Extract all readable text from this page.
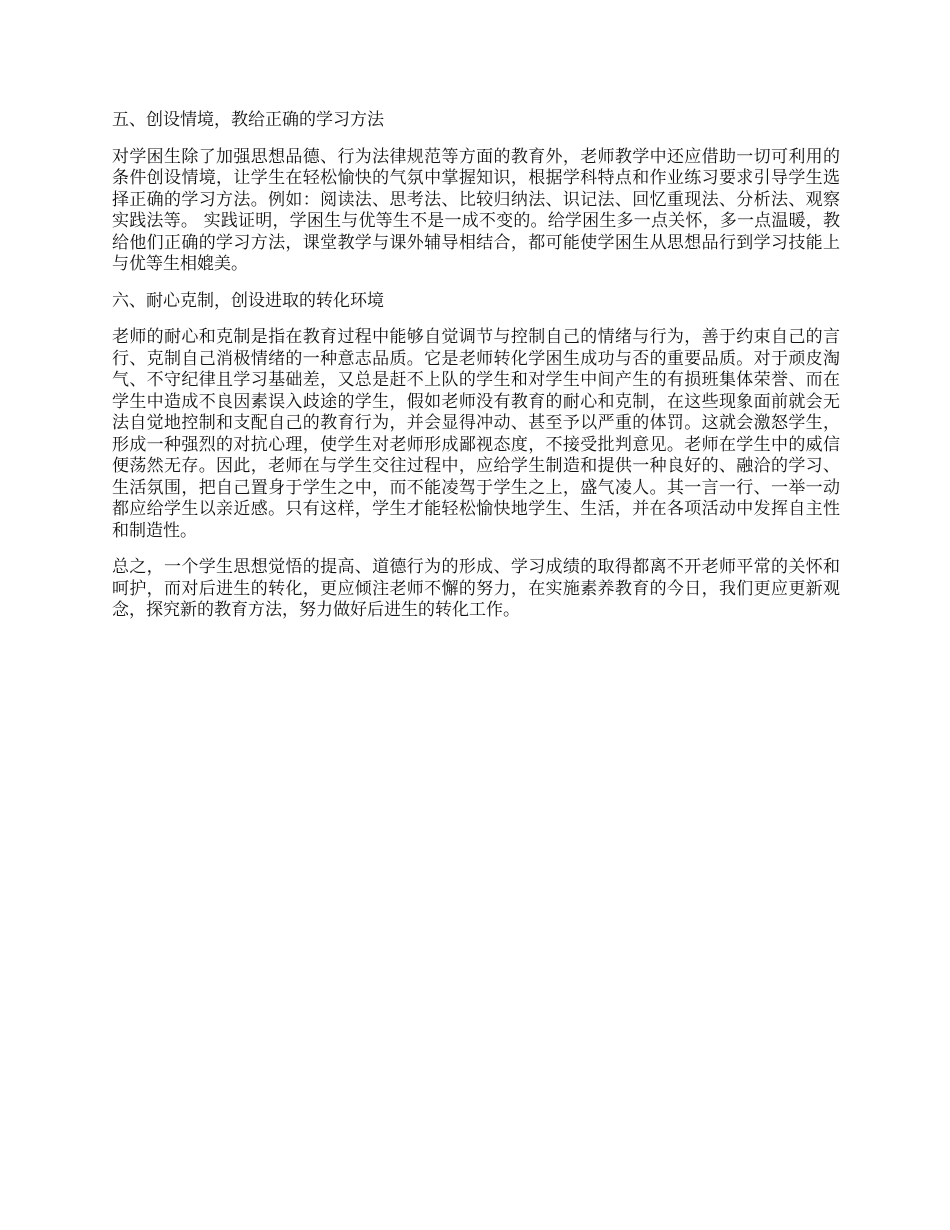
五、创设情境，教给正确的学习方法
对学困生除了加强思想品德、行为法律规范等方面的教育外，老师教学中还应借助一切可利用的条件创设情境，让学生在轻松愉快的气氛中掌握知识，根据学科特点和作业练习要求引导学生选择正确的学习方法。例如：阅读法、思考法、比较归纳法、识记法、回忆重现法、分析法、观察实践法等。 实践证明，学困生与优等生不是一成不变的。给学困生多一点关怀，多一点温暖，教给他们正确的学习方法，课堂教学与课外辅导相结合，都可能使学困生从思想品行到学习技能上与优等生相媲美。
六、耐心克制，创设进取的转化环境
老师的耐心和克制是指在教育过程中能够自觉调节与控制自己的情绪与行为，善于约束自己的言行、克制自己消极情绪的一种意志品质。它是老师转化学困生成功与否的重要品质。对于顽皮淘气、不守纪律且学习基础差，又总是赶不上队的学生和对学生中间产生的有损班集体荣誉、而在学生中造成不良因素误入歧途的学生，假如老师没有教育的耐心和克制，在这些现象面前就会无法自觉地控制和支配自己的教育行为，并会显得冲动、甚至予以严重的体罚。这就会激怒学生，形成一种强烈的对抗心理，使学生对老师形成鄙视态度，不接受批判意见。老师在学生中的威信便荡然无存。因此，老师在与学生交往过程中，应给学生制造和提供一种良好的、融洽的学习、生活氛围，把自己置身于学生之中，而不能凌驾于学生之上，盛气凌人。其一言一行、一举一动都应给学生以亲近感。只有这样，学生才能轻松愉快地学生、生活，并在各项活动中发挥自主性和制造性。
总之，一个学生思想觉悟的提高、道德行为的形成、学习成绩的取得都离不开老师平常的关怀和呵护，而对后进生的转化，更应倾注老师不懈的努力，在实施素养教育的今日，我们更应更新观念，探究新的教育方法，努力做好后进生的转化工作。
